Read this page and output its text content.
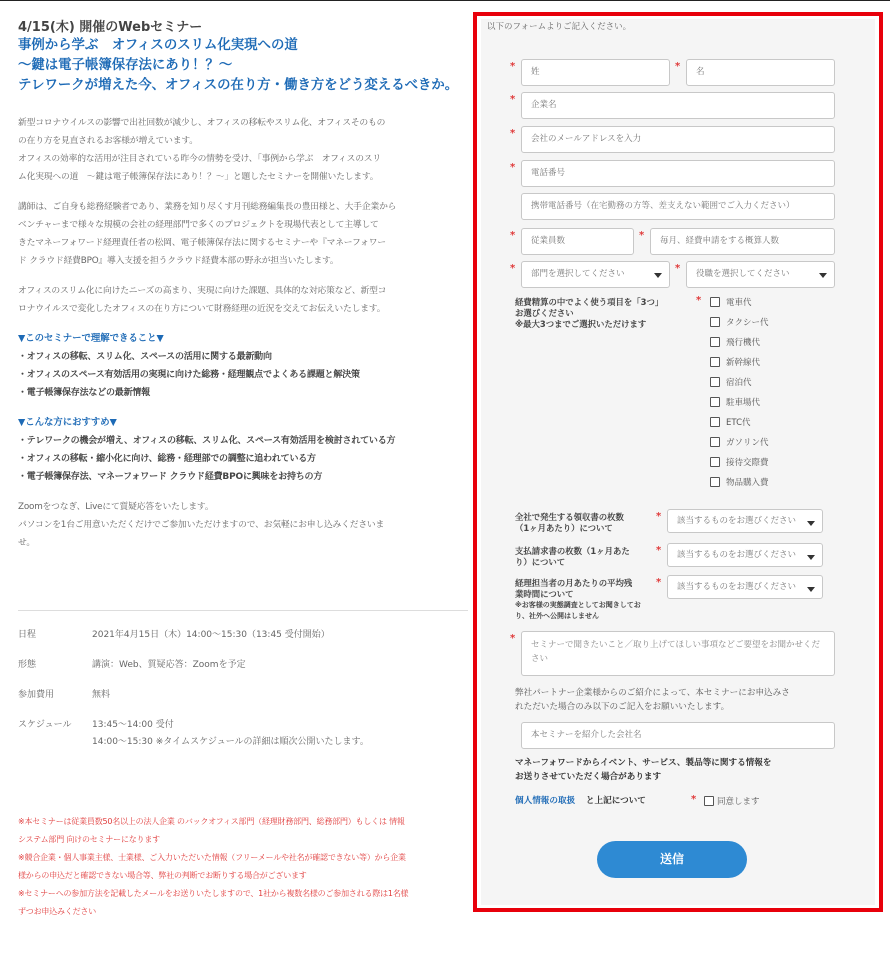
4/15(木) 開催のWebセミナー
事例から学ぶ　オフィスのスリム化実現への道
〜鍵は電子帳簿保存法にあり！？〜
テレワークが増えた今、オフィスの在り方・働き方をどう変えるべきか。
新型コロナウイルスの影響で出社回数が減少し、オフィスの移転やスリム化、オフィスそのもの
の在り方を見直されるお客様が増えています。
オフィスの効率的な活用が注目されている昨今の情勢を受け、「事例から学ぶ　オフィスのスリ
ム化実現への道　〜鍵は電子帳簿保存法にあり！？〜」と題したセミナーを開催いたします。
講師は、ご自身も総務経験者であり、業務を知り尽くす月刊総務編集長の豊田様と、大手企業から
ベンチャーまで様々な規模の会社の経理部門で多くのプロジェクトを現場代表として主導して
きたマネーフォワード経理責任者の松岡、電子帳簿保存法に関するセミナーや『マネーフォワー
ド クラウド経費BPO』導入支援を担うクラウド経費本部の野永が担当いたします。
オフィスのスリム化に向けたニーズの高まり、実現に向けた課題、具体的な対応策など、新型コ
ロナウイルスで変化したオフィスの在り方について財務経理の近況を交えてお伝えいたします。
▼このセミナーで理解できること▼
・オフィスの移転、スリム化、スペースの活用に関する最新動向
・オフィスのスペース有効活用の実現に向けた総務・経理観点でよくある課題と解決策
・電子帳簿保存法などの最新情報
▼こんな方におすすめ▼
・テレワークの機会が増え、オフィスの移転、スリム化、スペース有効活用を検討されている方
・オフィスの移転・縮小化に向け、総務・経理部での調整に追われている方
・電子帳簿保存法、マネーフォワード クラウド経費BPOに興味をお持ちの方
Zoomをつなぎ、Liveにて質疑応答をいたします。
パソコンを1台ご用意いただくだけでご参加いただけますので、お気軽にお申し込みくださいま
せ。
日程	2021年4月15日（木）14:00〜15:30（13:45 受付開始）
形態	講演：Web、質疑応答：Zoomを予定
参加費用	無料
スケジュール 13:45〜14:00 受付
14:00〜15:30 ※タイムスケジュールの詳細は順次公開いたします。
※本セミナーは従業員数50名以上の法人企業 のバックオフィス部門（経理財務部門、総務部門）もしくは 情報
システム部門 向けのセミナーになります
※競合企業・個人事業主様、士業様、ご入力いただいた情報（フリーメールや社名が確認できない等）から企業
様からの申込だと確認できない場合等、弊社の判断でお断りする場合がございます
※セミナーへの参加方法を記載したメールをお送りいたしますので、1社から複数名様のご参加される際は1名様
ずつお申込みください
以下のフォームよりご記入ください。
*	姓	*	名
*	企業名
*	会社のメールアドレスを入力
*	電話番号
携帯電話番号（在宅勤務の方等、差支えない範囲でご入力ください）
*	従業員数	*	毎月、経費申請をする概算人数
*	部門を選択してください	*	役職を選択してください
経費精算の中でよく使う項目を「3つ」
お選びください
※最大3つまでご選択いただけます
*	電車代
タクシー代
飛行機代
新幹線代
宿泊代
駐車場代
ETC代
ガソリン代
接待交際費
物品購入費
全社で発生する領収書の枚数
（1ヶ月あたり）について
*	該当するものをお選びください
支払請求書の枚数（1ヶ月あた
り）について
*	該当するものをお選びください
経理担当者の月あたりの平均残
業時間について
※お客様の実態調査としてお聞きしてお
り、社外へ公開はしません
*	該当するものをお選びください
*
セミナーで聞きたいこと／取り上げてほしい事項などご要望をお聞かせください
弊社パートナー企業様からのご紹介によって、本セミナーにお申込みさ
れただいた場合のみ以下のご記入をお願いいたします。
本セミナーを紹介した会社名
マネーフォワードからイベント、サービス、製品等に関する情報を
お送りさせていただく場合があります
個人情報の取扱 と上記について	*	同意します
送信
